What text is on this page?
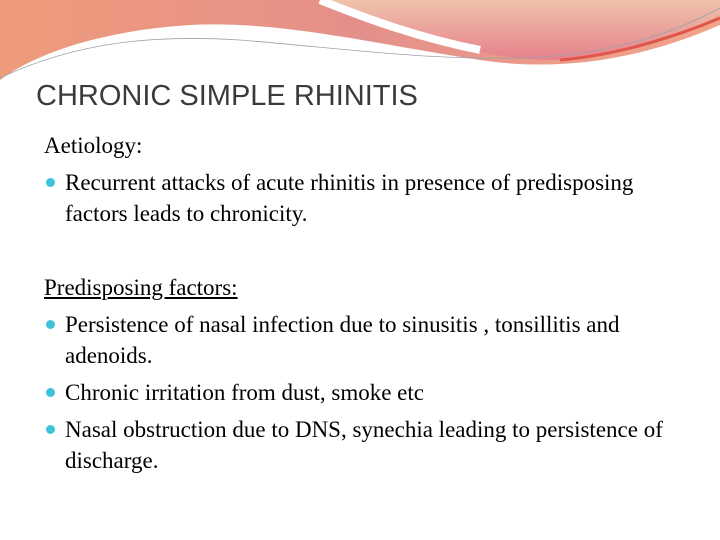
CHRONIC SIMPLE RHINITIS

Aetiology:

Recurrent attacks of acute rhinitis in presence of predisposing factors leads to chronicity.

Predisposing factors:

Persistence of nasal infection due to sinusitis , tonsillitis and adenoids.
Chronic irritation from dust, smoke etc
Nasal obstruction due to DNS, synechia leading to persistence of discharge.
